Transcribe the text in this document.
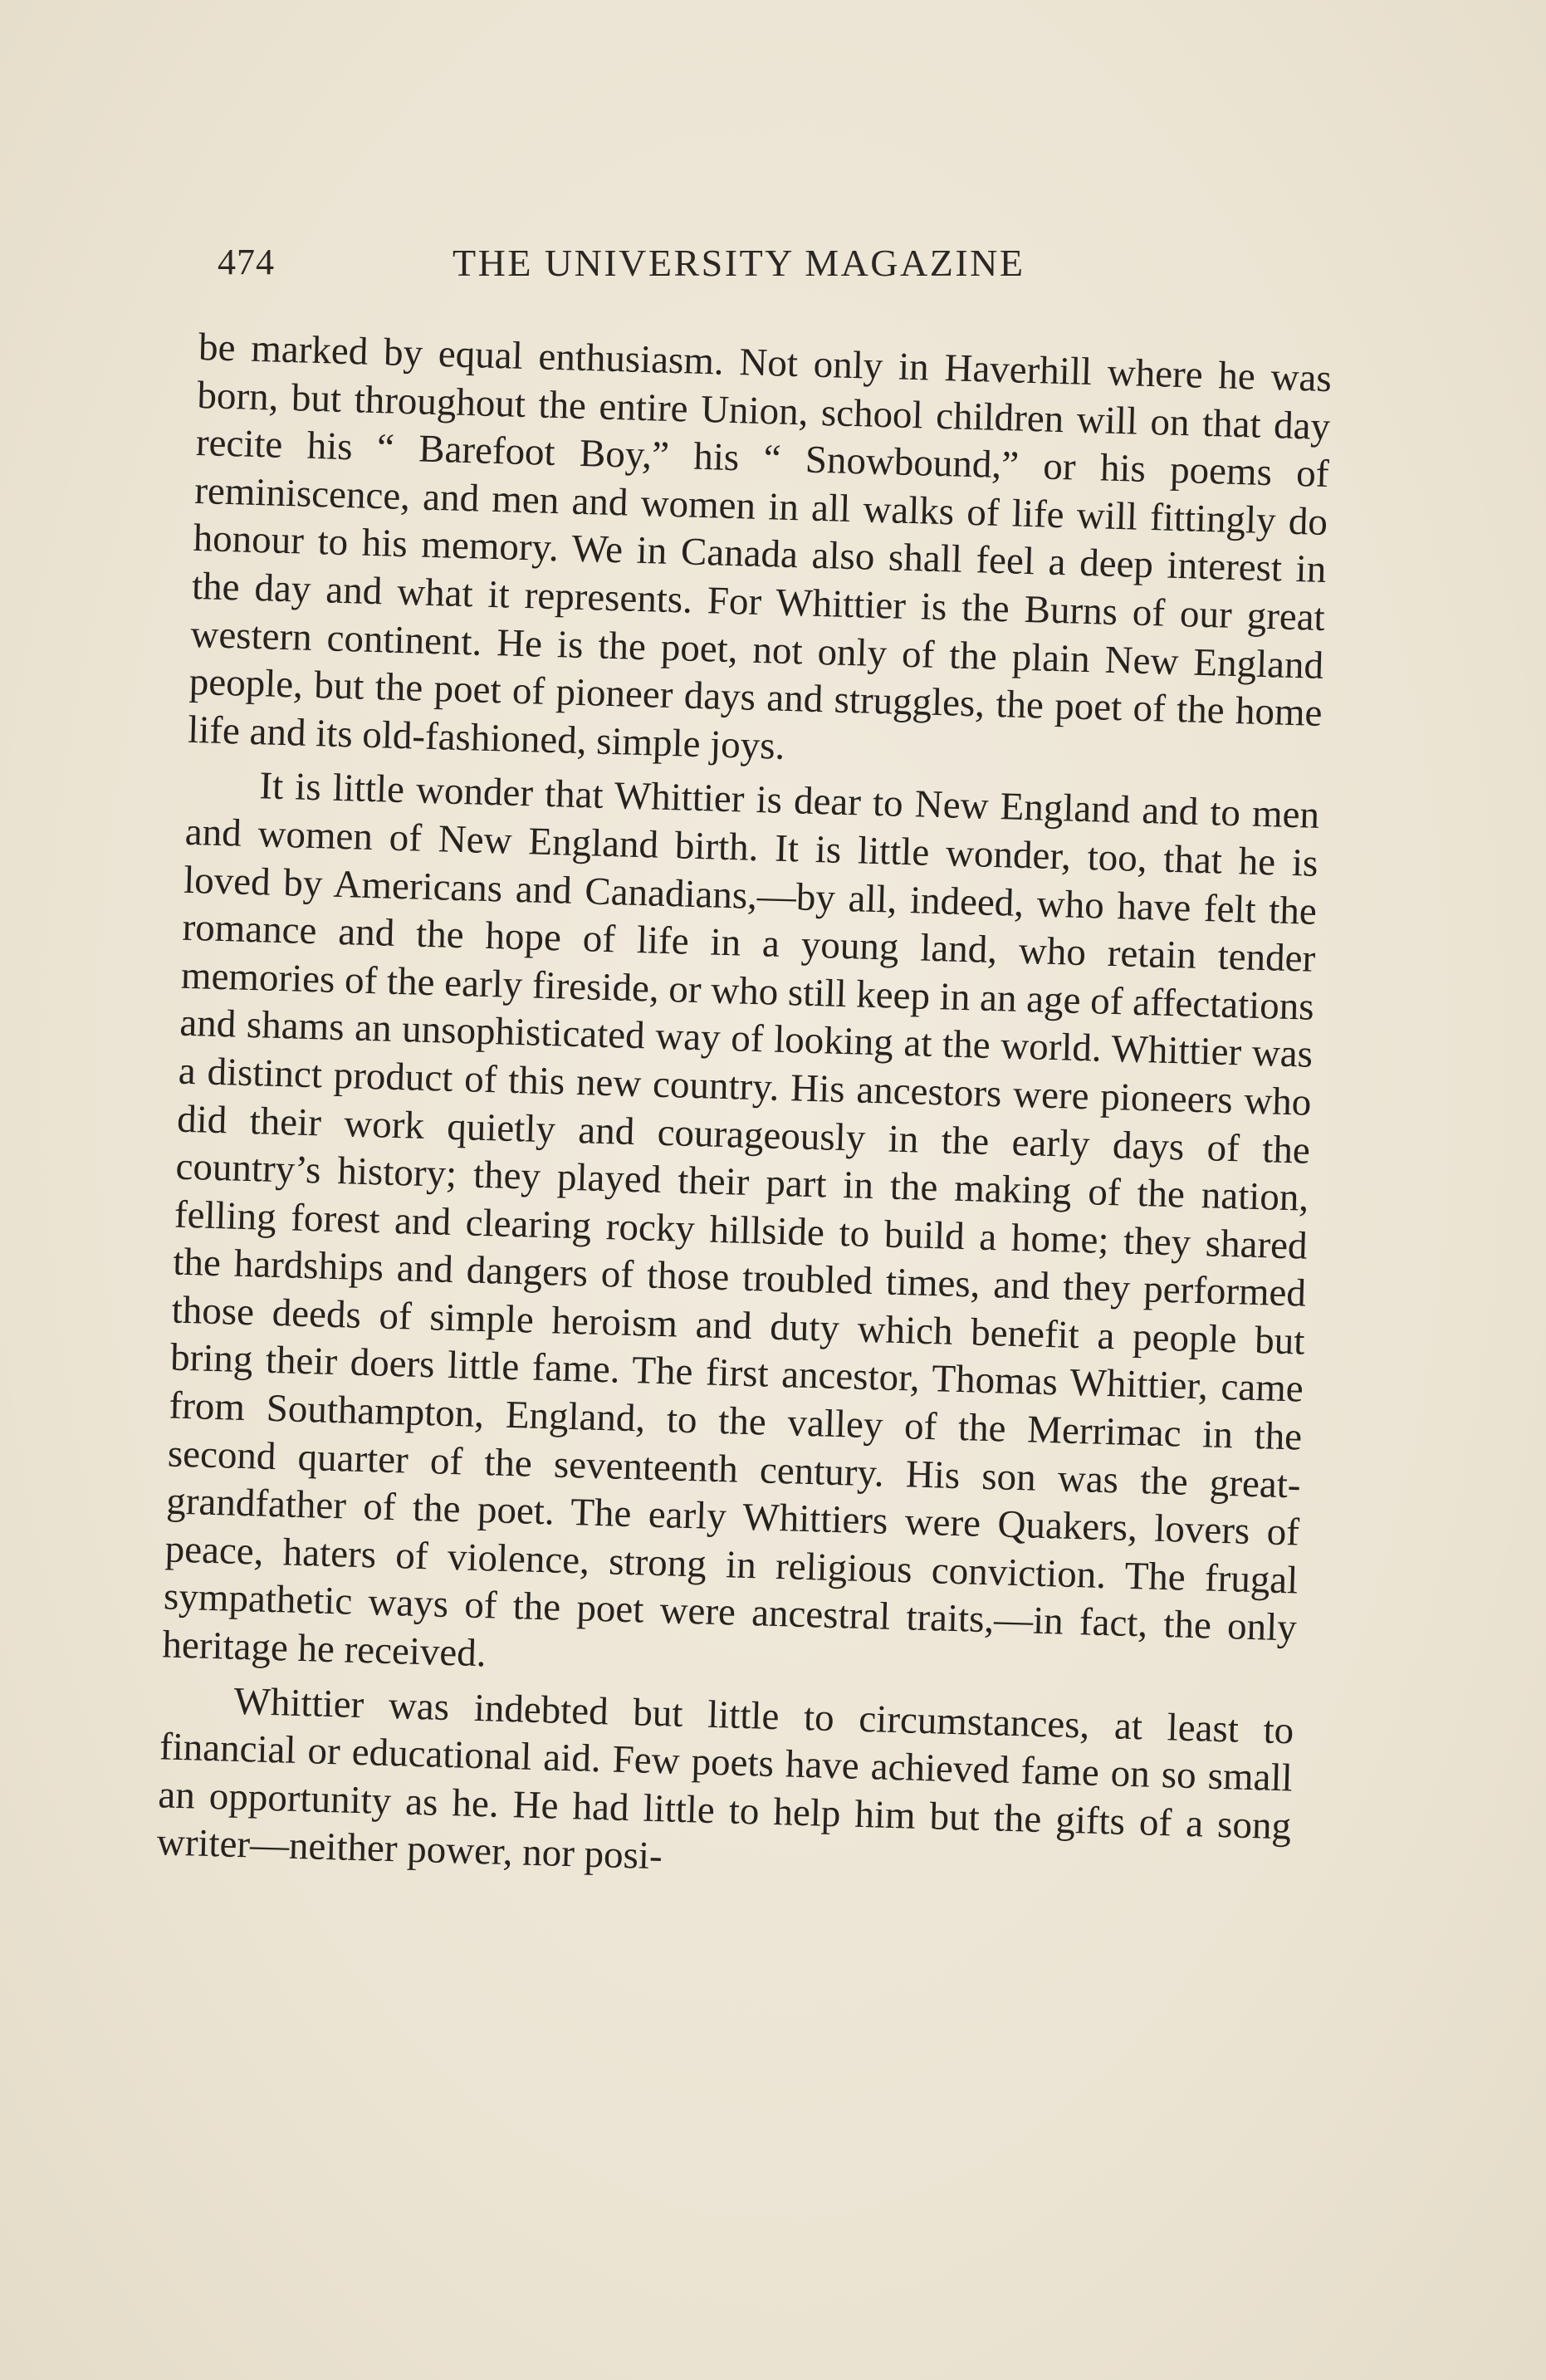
474	THE UNIVERSITY MAGAZINE

be marked by equal enthusiasm. Not only in Haverhill where he was born, but throughout the entire Union, school children will on that day recite his “ Barefoot Boy,” his “ Snowbound,” or his poems of reminiscence, and men and women in all walks of life will fittingly do honour to his memory. We in Canada also shall feel a deep interest in the day and what it represents. For Whittier is the Burns of our great western continent. He is the poet, not only of the plain New England people, but the poet of pioneer days and struggles, the poet of the home life and its old-fashioned, simple joys.

It is little wonder that Whittier is dear to New England and to men and women of New England birth. It is little wonder, too, that he is loved by Americans and Canadians,—by all, indeed, who have felt the romance and the hope of life in a young land, who retain tender memories of the early fireside, or who still keep in an age of affectations and shams an unsophisticated way of looking at the world. Whittier was a distinct product of this new country. His ancestors were pioneers who did their work quietly and courageously in the early days of the country’s history; they played their part in the making of the nation, felling forest and clearing rocky hillside to build a home; they shared the hardships and dangers of those troubled times, and they performed those deeds of simple heroism and duty which benefit a people but bring their doers little fame. The first ancestor, Thomas Whittier, came from Southampton, England, to the valley of the Merrimac in the second quarter of the seventeenth century. His son was the great-grandfather of the poet. The early Whittiers were Quakers, lovers of peace, haters of violence, strong in religious conviction. The frugal sympathetic ways of the poet were ancestral traits,—in fact, the only heritage he received.

Whittier was indebted but little to circumstances, at least to financial or educational aid. Few poets have achieved fame on so small an opportunity as he. He had little to help him but the gifts of a song writer—neither power, nor posi-
